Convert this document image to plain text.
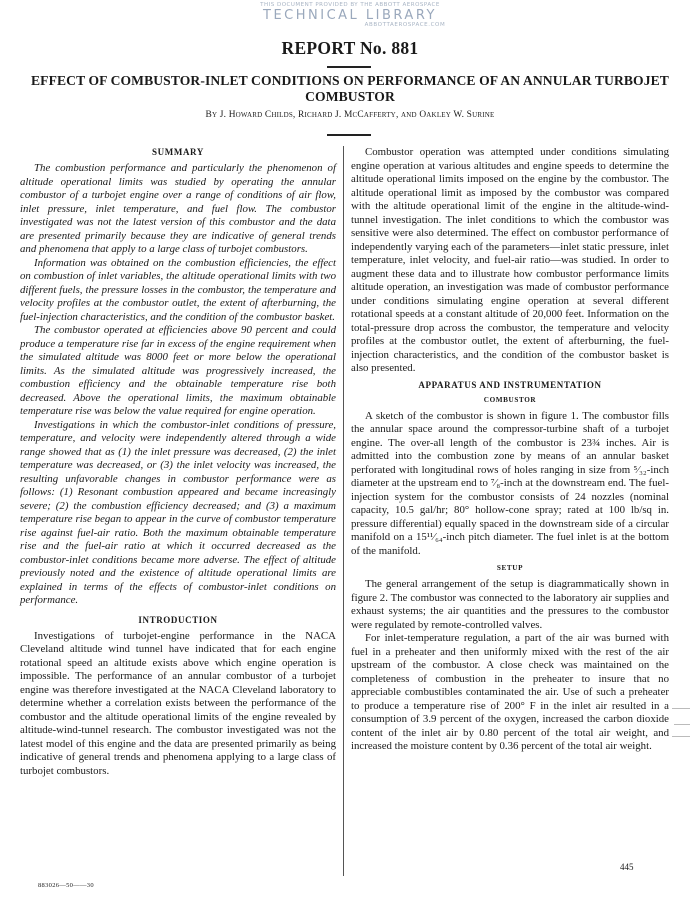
THIS DOCUMENT PROVIDED BY THE ABBOTT AEROSPACE
TECHNICAL LIBRARY
ABBOTTAEROSPACE.COM
REPORT No. 881
EFFECT OF COMBUSTOR-INLET CONDITIONS ON PERFORMANCE OF AN ANNULAR TURBOJET COMBUSTOR
By J. Howard Childs, Richard J. McCafferty, and Oakley W. Surine
SUMMARY

The combustion performance and particularly the phenomenon of altitude operational limits was studied by operating the annular combustor of a turbojet engine over a range of conditions of air flow, inlet pressure, inlet temperature, and fuel flow. The combustor investigated was not the latest version of this combustor and the data are presented primarily because they are indicative of general trends and phenomena that apply to a large class of turbojet combustors.

Information was obtained on the combustion efficiencies, the effect on combustion of inlet variables, the altitude operational limits with two different fuels, the pressure losses in the combustor, the temperature and velocity profiles at the combustor outlet, the extent of afterburning, the fuel-injection characteristics, and the condition of the combustor basket.

The combustor operated at efficiencies above 90 percent and could produce a temperature rise far in excess of the engine requirement when the simulated altitude was 8000 feet or more below the operational limits. As the simulated altitude was progressively increased, the combustion efficiency and the obtainable temperature rise both decreased. Above the operational limits, the maximum obtainable temperature rise was below the value required for engine operation.

Investigations in which the combustor-inlet conditions of pressure, temperature, and velocity were independently altered through a wide range showed that as (1) the inlet pressure was decreased, (2) the inlet temperature was decreased, or (3) the inlet velocity was increased, the resulting unfavorable changes in combustor performance were as follows: (1) Resonant combustion appeared and became increasingly severe; (2) the combustion efficiency decreased; and (3) a maximum temperature rise began to appear in the curve of combustor temperature rise against fuel-air ratio. Both the maximum obtainable temperature rise and the fuel-air ratio at which it occurred decreased as the combustor-inlet conditions became more adverse. The effect of altitude previously noted and the existence of altitude operational limits are explained in terms of the effects of combustor-inlet conditions on performance.

INTRODUCTION

Investigations of turbojet-engine performance in the NACA Cleveland altitude wind tunnel have indicated that for each engine rotational speed an altitude exists above which engine operation is impossible. The performance of an annular combustor of a turbojet engine was therefore investigated at the NACA Cleveland laboratory to determine whether a correlation exists between the performance of the combustor and the altitude operational limits of the engine revealed by altitude-wind-tunnel research. The combustor investigated was not the latest model of this engine and the data are presented primarily as being indicative of general trends and phenomena applying to a large class of turbojet combustors.

Combustor operation was attempted under conditions simulating engine operation at various altitudes and engine speeds to determine the altitude operational limits imposed on the engine by the combustor. The altitude operational limit as imposed by the combustor was compared with the altitude operational limit of the engine in the altitude-wind-tunnel investigation. The inlet conditions to which the combustor was sensitive were also determined. The effect on combustor performance of independently varying each of the parameters—inlet static pressure, inlet temperature, inlet velocity, and fuel-air ratio—was studied. In order to augment these data and to illustrate how combustor performance limits altitude operation, an investigation was made of combustor performance under conditions simulating engine operation at several different rotational speeds at a constant altitude of 20,000 feet. Information on the total-pressure drop across the combustor, the temperature and velocity profiles at the combustor outlet, the extent of afterburning, the fuel-injection characteristics, and the condition of the combustor basket is also presented.

APPARATUS AND INSTRUMENTATION
COMBUSTOR

A sketch of the combustor is shown in figure 1. The combustor fills the annular space around the compressor-turbine shaft of a turbojet engine. The over-all length of the combustor is 23¾ inches. Air is admitted into the combustion zone by means of an annular basket perforated with longitudinal rows of holes ranging in size from ⁵⁄₃₂-inch diameter at the upstream end to ⁷⁄₈-inch at the downstream end. The fuel-injection system for the combustor consists of 24 nozzles (nominal capacity, 10.5 gal/hr; 80° hollow-cone spray; rated at 100 lb/sq in. pressure differential) equally spaced in the downstream side of a circular manifold on a 15¹¹⁄₆₄-inch pitch diameter. The fuel inlet is at the bottom of the manifold.

SETUP

The general arrangement of the setup is diagrammatically shown in figure 2. The combustor was connected to the laboratory air supplies and exhaust systems; the air quantities and the pressures to the combustor were regulated by remote-controlled valves.

For inlet-temperature regulation, a part of the air was burned with fuel in a preheater and then uniformly mixed with the rest of the air upstream of the combustor. A close check was maintained on the completeness of combustion in the preheater to insure that no appreciable combustibles contaminated the air. Use of such a preheater to produce a temperature rise of 200° F in the inlet air resulted in a consumption of 3.9 percent of the oxygen, increased the carbon dioxide content of the inlet air by 0.80 percent of the total air weight, and increased the moisture content by 0.36 percent of the total air weight.

883026—50——30
445
